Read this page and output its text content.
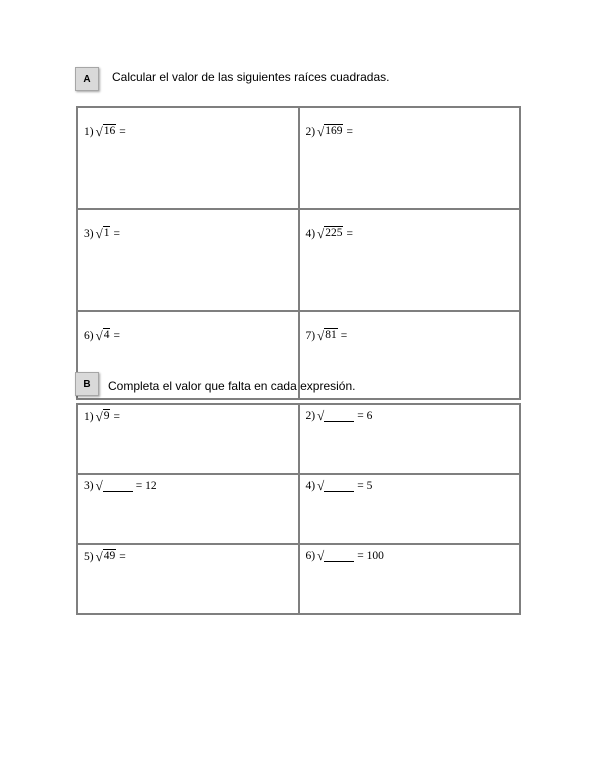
A	Calcular el valor de las siguientes raíces cuadradas.
1) √ 16 =	2) √ 169 =

3) √ 1 =	4) √ 225 =

6) √ 4 =	7) √ 81 =
B	Completa el valor que falta en cada expresión.
1) √ 9 =	2) √ = 6

3) √ = 12	4) √ = 5

5) √ 49 =	6) √ = 100
